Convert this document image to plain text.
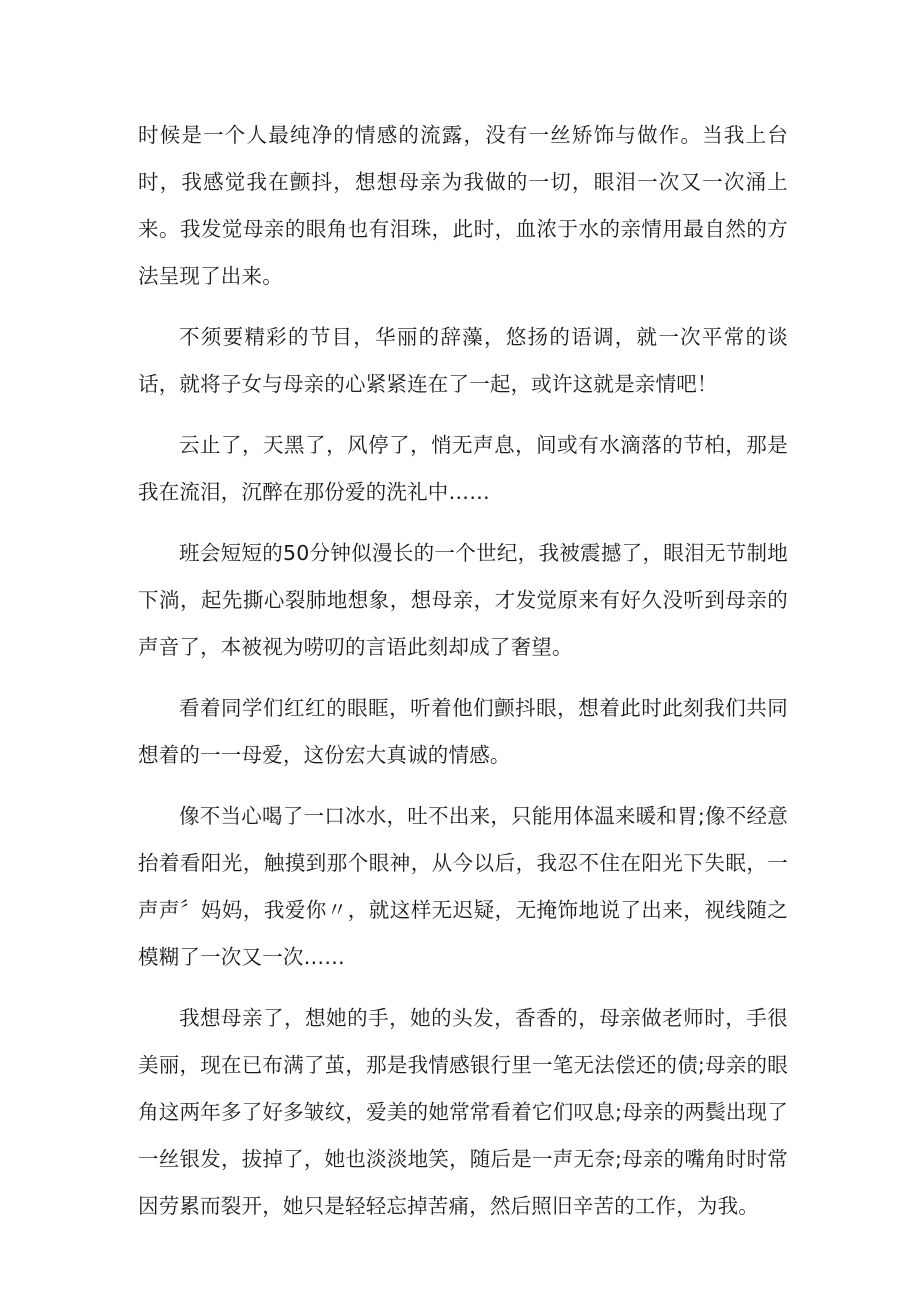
时候是一个人最纯净的情感的流露，没有一丝矫饰与做作。当我上台时，我感觉我在颤抖，想想母亲为我做的一切，眼泪一次又一次涌上来。我发觉母亲的眼角也有泪珠，此时，血浓于水的亲情用最自然的方法呈现了出来。

不须要精彩的节目，华丽的辞藻，悠扬的语调，就一次平常的谈话，就将子女与母亲的心紧紧连在了一起，或许这就是亲情吧！

云止了，天黑了，风停了，悄无声息，间或有水滴落的节柏，那是我在流泪，沉醉在那份爱的洗礼中……

班会短短的50分钟似漫长的一个世纪，我被震撼了，眼泪无节制地下淌，起先撕心裂肺地想象，想母亲，才发觉原来有好久没听到母亲的声音了，本被视为唠叨的言语此刻却成了奢望。

看着同学们红红的眼眶，听着他们颤抖眼，想着此时此刻我们共同想着的一一母爱，这份宏大真诚的情感。

像不当心喝了一口冰水，吐不出来，只能用体温来暖和胃;像不经意抬着看阳光，触摸到那个眼神，从今以后，我忍不住在阳光下失眠，一声声〞妈妈，我爱你〃，就这样无迟疑，无掩饰地说了出来，视线随之模糊了一次又一次……

我想母亲了，想她的手，她的头发，香香的，母亲做老师时，手很美丽，现在已布满了茧，那是我情感银行里一笔无法偿还的债;母亲的眼角这两年多了好多皱纹，爱美的她常常看着它们叹息;母亲的两鬓出现了一丝银发，拔掉了，她也淡淡地笑，随后是一声无奈;母亲的嘴角时时常因劳累而裂开，她只是轻轻忘掉苦痛，然后照旧辛苦的工作，为我。
